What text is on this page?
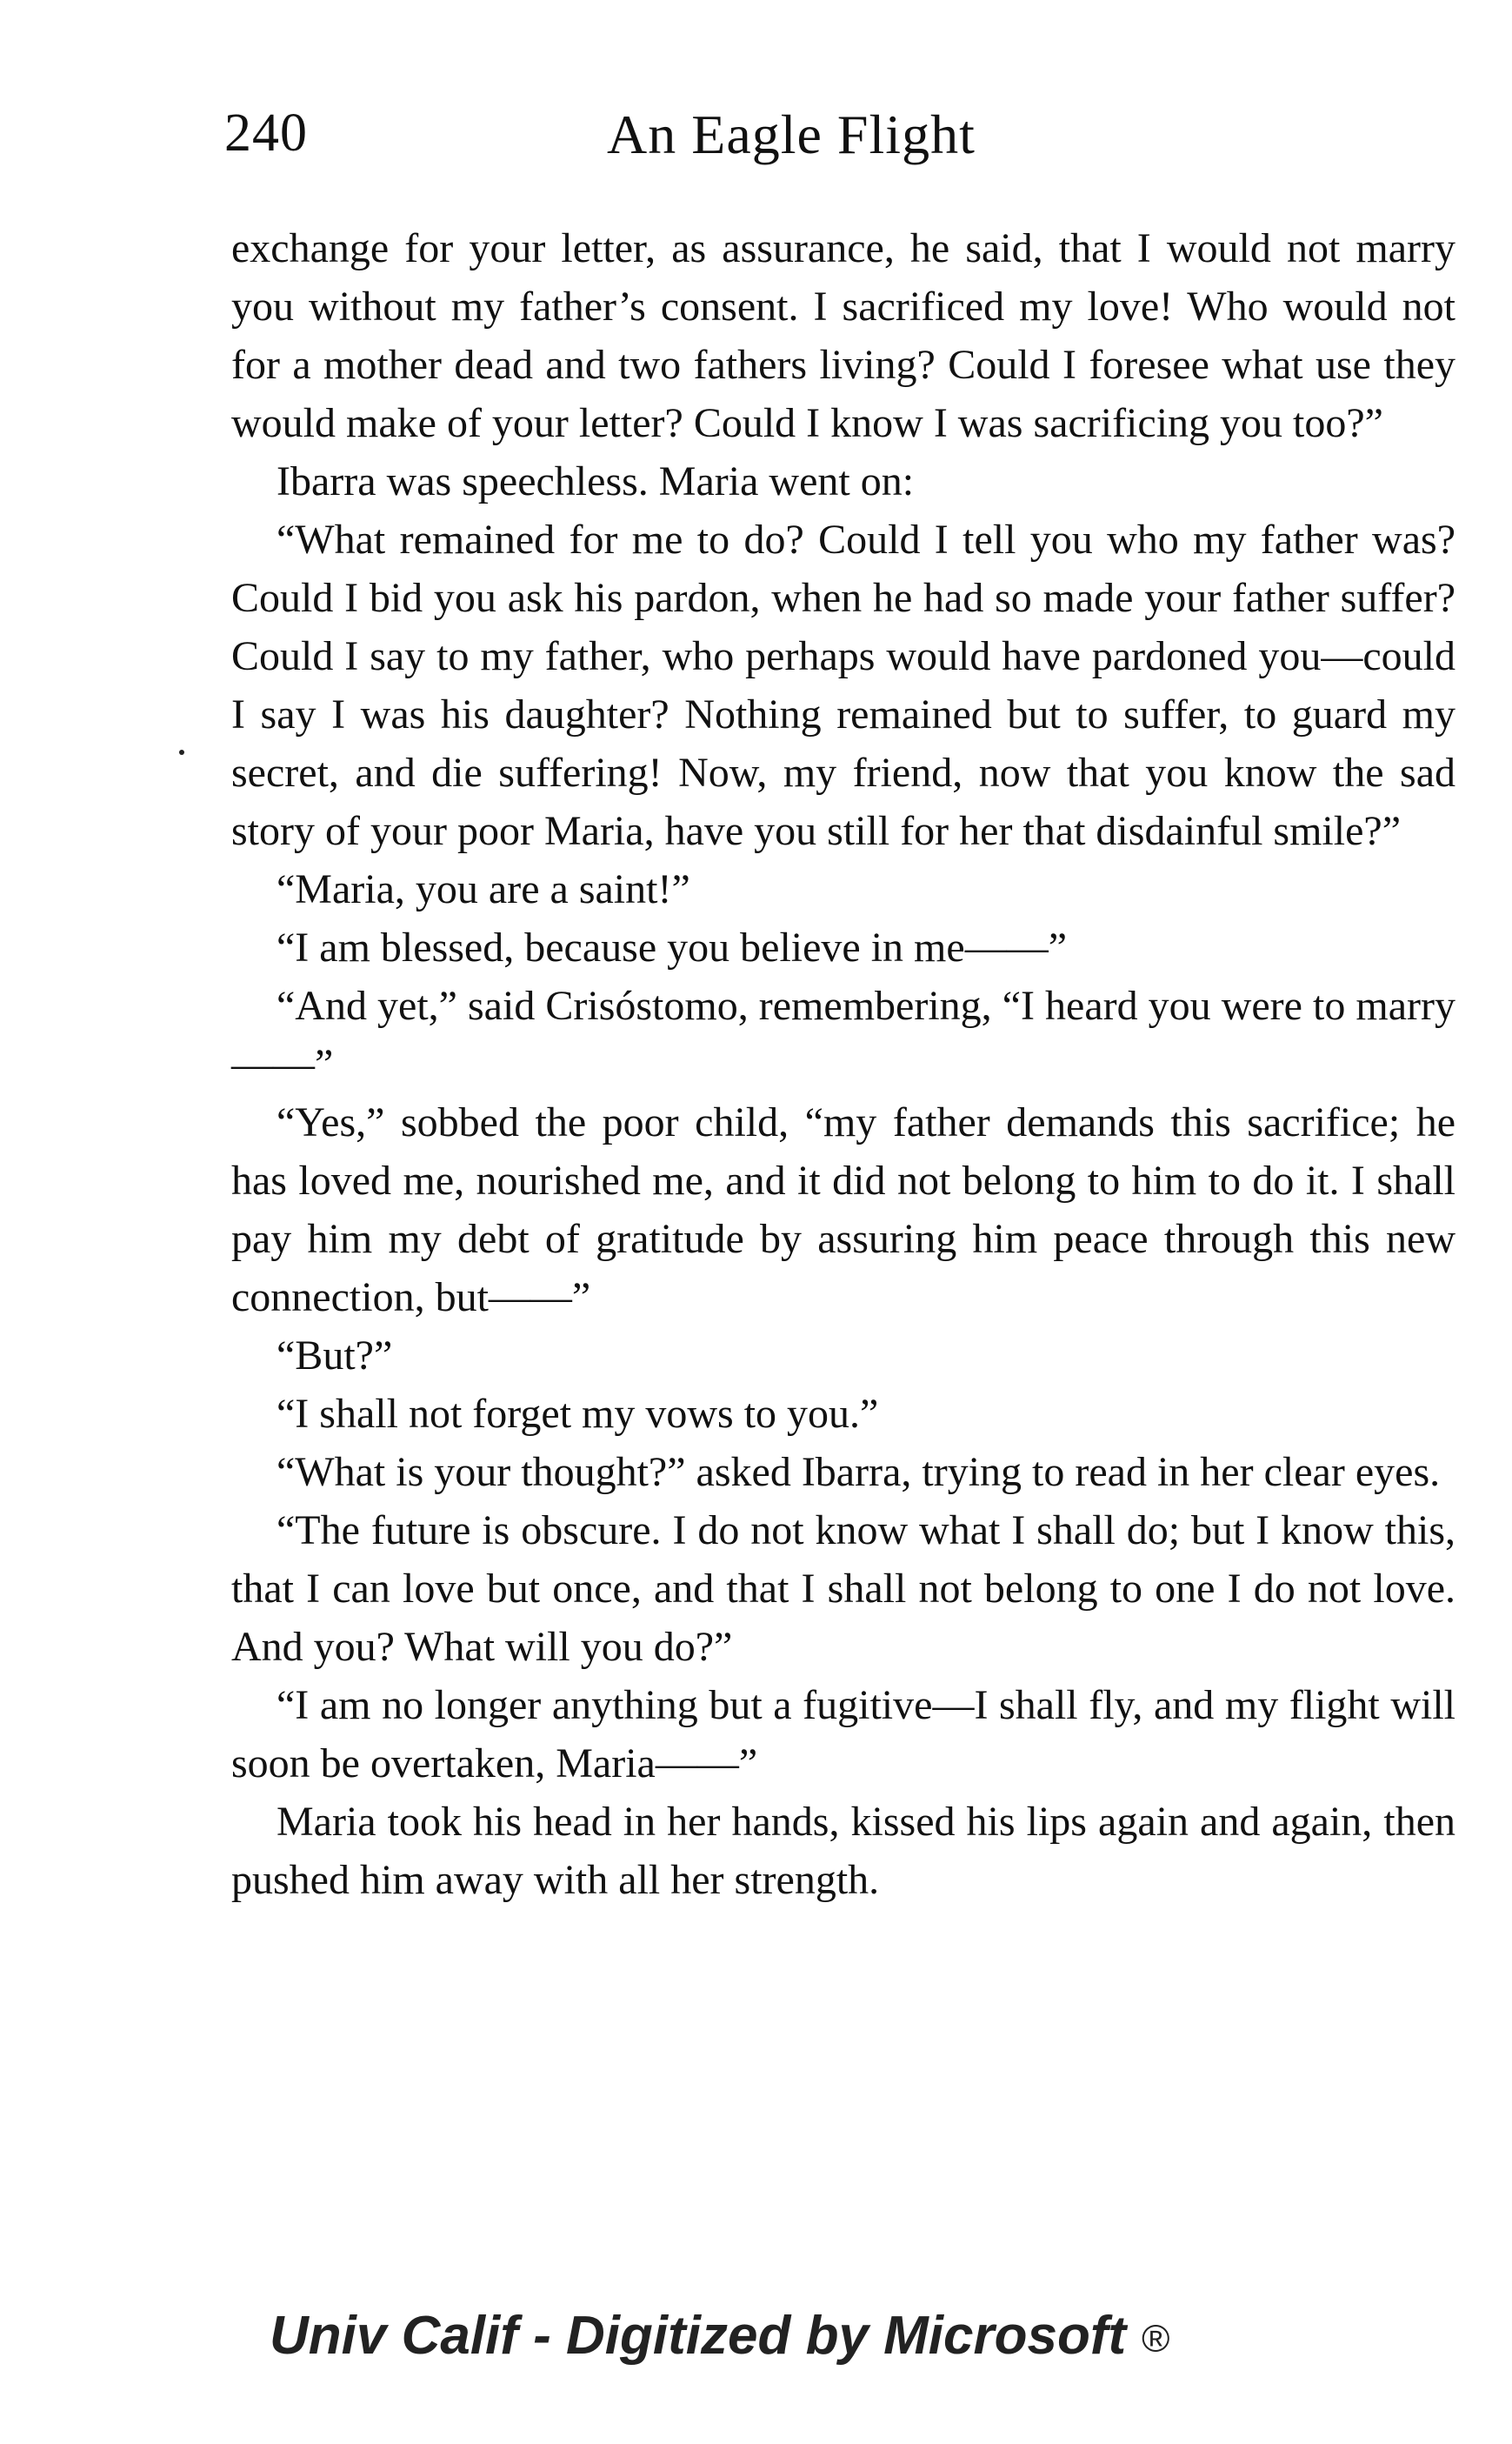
240	An Eagle Flight

exchange for your letter, as assurance, he said, that I would not marry you without my father’s consent. I sacrificed my love! Who would not for a mother dead and two fathers living? Could I foresee what use they would make of your letter? Could I know I was sacrificing you too?”

Ibarra was speechless. Maria went on:

“What remained for me to do? Could I tell you who my father was? Could I bid you ask his pardon, when he had so made your father suffer? Could I say to my father, who perhaps would have pardoned you—could I say I was his daughter? Nothing remained but to suffer, to guard my secret, and die suffering! Now, my friend, now that you know the sad story of your poor Maria, have you still for her that disdainful smile?”

“Maria, you are a saint!”

“I am blessed, because you believe in me——”

“And yet,” said Crisóstomo, remembering, “I heard you were to marry——”

“Yes,” sobbed the poor child, “my father demands this sacrifice; he has loved me, nourished me, and it did not belong to him to do it. I shall pay him my debt of gratitude by assuring him peace through this new connection, but——”

“But?”

“I shall not forget my vows to you.”

“What is your thought?” asked Ibarra, trying to read in her clear eyes.

“The future is obscure. I do not know what I shall do; but I know this, that I can love but once, and that I shall not belong to one I do not love. And you? What will you do?”

“I am no longer anything but a fugitive—I shall fly, and my flight will soon be overtaken, Maria——”

Maria took his head in her hands, kissed his lips again and again, then pushed him away with all her strength.

Univ Calif - Digitized by Microsoft ®
